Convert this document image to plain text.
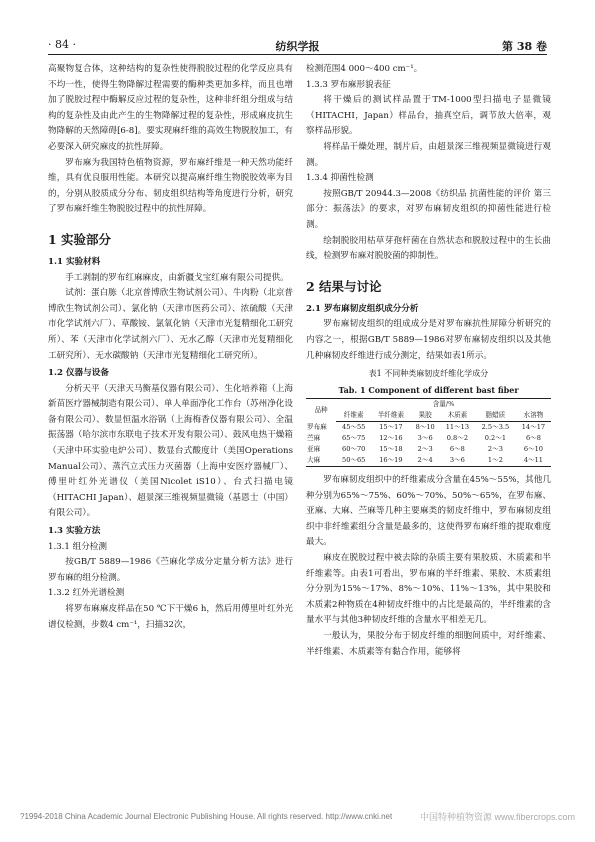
· 84 ·	纺织学报	第 38 卷

高聚物复合体，这种结构的复杂性使得脱胶过程的化学反应具有不均一性，使得生物降解过程需要的酶种类更加多样，而且也增加了脱胶过程中酶解反应过程的复杂性，这种非纤组分组成与结构的复杂性及由此产生的生物降解过程的复杂性，形成麻皮抗生物降解的天然障碍[6-8]。要实现麻纤维的高效生物脱胶加工，有必要深入研究麻皮的抗性屏障。

罗布麻为我国特色植物资源，罗布麻纤维是一种天然功能纤维，具有优良服用性能。本研究以提高麻纤维生物脱胶效率为目的，分别从胶质成分分布、韧皮组织结构等角度进行分析，研究了罗布麻纤维生物脱胶过程中的抗性屏障。

1 实验部分
1.1 实验材料

手工剥制的罗布红麻麻皮，由新疆戈宝红麻有限公司提供。

试剂：蛋白胨（北京普博欣生物试剂公司）、牛肉粉（北京普博欣生物试剂公司）、氯化钠（天津市医药公司）、浓硫酸（天津市化学试剂六厂）、草酸铵、氯氧化钠（天津市光复精细化工研究所）、苯（天津市化学试剂六厂）、无水乙醇（天津市光复精细化工研究所）、无水碳酸钠（天津市光复精细化工研究所）。

1.2 仪器与设备

分析天平（天津天马衡基仪器有限公司）、生化培养箱（上海新苗医疗器械制造有限公司）、单人单面净化工作台（苏州净化设备有限公司）、数显恒温水浴锅（上海梅香仪器有限公司）、全温振荡器（哈尔滨市东联电子技术开发有限公司）、鼓风电热干燥箱（天津中环实验电炉公司）、数显台式酸度计（美国Operations Manual公司）、蒸汽立式压力灭菌器（上海申安医疗器械厂）、傅里叶红外光谱仪（美国Nicolet iS10）、台式扫描电镜（HITACHI Japan）、超景深三维视频显微镜（基恩士（中国）有限公司）。

1.3 实验方法
1.3.1 组分检测

按GB/T 5889—1986《苎麻化学成分定量分析方法》进行罗布麻的组分检测。

1.3.2 红外光谱检测

将罗布麻麻皮样品在50 ℃下干燥6 h，然后用傅里叶红外光谱仪检测，步数4 cm⁻¹，扫描32次，

检测范围4 000～400 cm⁻¹。

1.3.3 罗布麻形貌表征

将干燥后的测试样品置于TM-1000型扫描电子显微镜（HITACHI，Japan）样品台，抽真空后，调节放大倍率，观察样品形貌。

将样品干燥处理，制片后，由超景深三维视频显微镜进行观测。

1.3.4 抑菌性检测

按照GB/T 20944.3—2008《纺织品 抗菌性能的评价 第三部分：振荡法》的要求，对罗布麻韧皮组织的抑菌性能进行检测。

绘制脱胶用枯草芽孢杆菌在自然状态和脱胶过程中的生长曲线，检测罗布麻对脱胶菌的抑制性。

2 结果与讨论
2.1 罗布麻韧皮组织成分分析

罗布麻韧皮组织的组成成分是对罗布麻抗性屏障分析研究的内容之一，根据GB/T 5889—1986对罗布麻韧皮组织以及其他几种麻韧皮纤维进行成分测定，结果如表1所示。

表1 不同种类麻韧皮纤维化学成分
Tab. 1 Component of different bast fiber
品种	含量/%					
	纤维素	半纤维素	果胶	木质素	脂蜡质	水溶物
罗布麻	45～55	15～17	8～10	11～13	2.5～3.5	14～17
苎麻	65～75	12～16	3～6	0.8～2	0.2～1	6～8
亚麻	60～70	15～18	2～3	6～8	2～3	6～10
大麻	50～65	16～19	2～4	3～6	1～2	4～11

罗布麻韧皮组织中的纤维素成分含量在45%～55%，其他几种分别为65%～75%、60%～70%、50%～65%，在罗布麻、亚麻、大麻、苎麻等几种主要麻类的韧皮纤维中，罗布麻韧皮组织中非纤维素组分含量是最多的，这使得罗布麻纤维的提取难度最大。

麻皮在脱胶过程中被去除的杂质主要有果胶质、木质素和半纤维素等。由表1可看出，罗布麻的半纤维素、果胶、木质素组分分别为15%～17%、8%～10%、11%～13%，其中果胶和木质素2种物质在4种韧皮纤维中的占比是最高的，半纤维素的含量水平与其他3种韧皮纤维的含量水平相差无几。

一般认为，果胶分布于韧皮纤维的细胞间质中，对纤维素、半纤维素、木质素等有黏合作用，能够将

?1994-2018 China Academic Journal Electronic Publishing House. All rights reserved. http://www.cnki.net	中国特种植物资源 www.fibercrops.com
